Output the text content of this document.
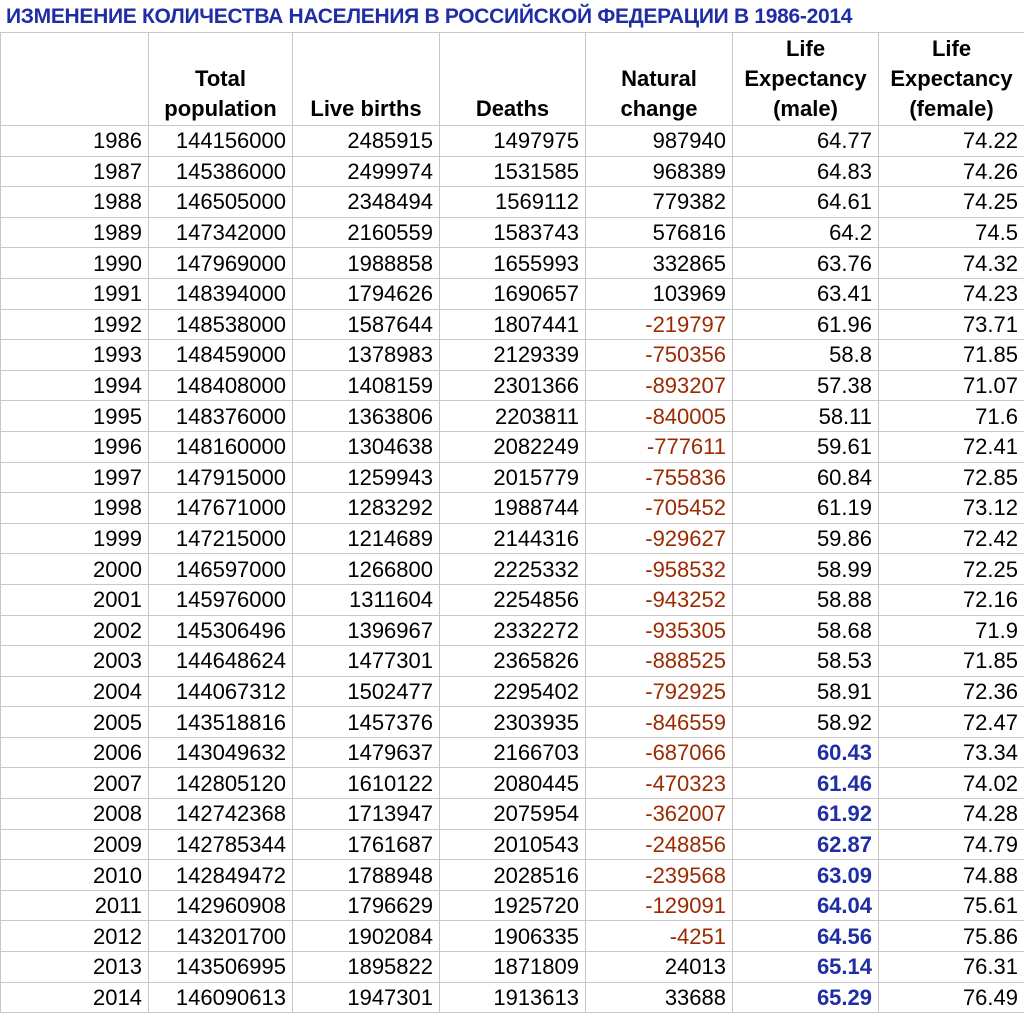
ИЗМЕНЕНИЕ КОЛИЧЕСТВА НАСЕЛЕНИЯ В РОССИЙСКОЙ ФЕДЕРАЦИИ В 1986-2014
	Total population	Live births	Deaths	Natural change	Life Expectancy (male)	Life Expectancy (female)
1986	144156000	2485915	1497975	987940	64.77	74.22
1987	145386000	2499974	1531585	968389	64.83	74.26
1988	146505000	2348494	1569112	779382	64.61	74.25
1989	147342000	2160559	1583743	576816	64.2	74.5
1990	147969000	1988858	1655993	332865	63.76	74.32
1991	148394000	1794626	1690657	103969	63.41	74.23
1992	148538000	1587644	1807441	-219797	61.96	73.71
1993	148459000	1378983	2129339	-750356	58.8	71.85
1994	148408000	1408159	2301366	-893207	57.38	71.07
1995	148376000	1363806	2203811	-840005	58.11	71.6
1996	148160000	1304638	2082249	-777611	59.61	72.41
1997	147915000	1259943	2015779	-755836	60.84	72.85
1998	147671000	1283292	1988744	-705452	61.19	73.12
1999	147215000	1214689	2144316	-929627	59.86	72.42
2000	146597000	1266800	2225332	-958532	58.99	72.25
2001	145976000	1311604	2254856	-943252	58.88	72.16
2002	145306496	1396967	2332272	-935305	58.68	71.9
2003	144648624	1477301	2365826	-888525	58.53	71.85
2004	144067312	1502477	2295402	-792925	58.91	72.36
2005	143518816	1457376	2303935	-846559	58.92	72.47
2006	143049632	1479637	2166703	-687066	60.43	73.34
2007	142805120	1610122	2080445	-470323	61.46	74.02
2008	142742368	1713947	2075954	-362007	61.92	74.28
2009	142785344	1761687	2010543	-248856	62.87	74.79
2010	142849472	1788948	2028516	-239568	63.09	74.88
2011	142960908	1796629	1925720	-129091	64.04	75.61
2012	143201700	1902084	1906335	-4251	64.56	75.86
2013	143506995	1895822	1871809	24013	65.14	76.31
2014	146090613	1947301	1913613	33688	65.29	76.49
